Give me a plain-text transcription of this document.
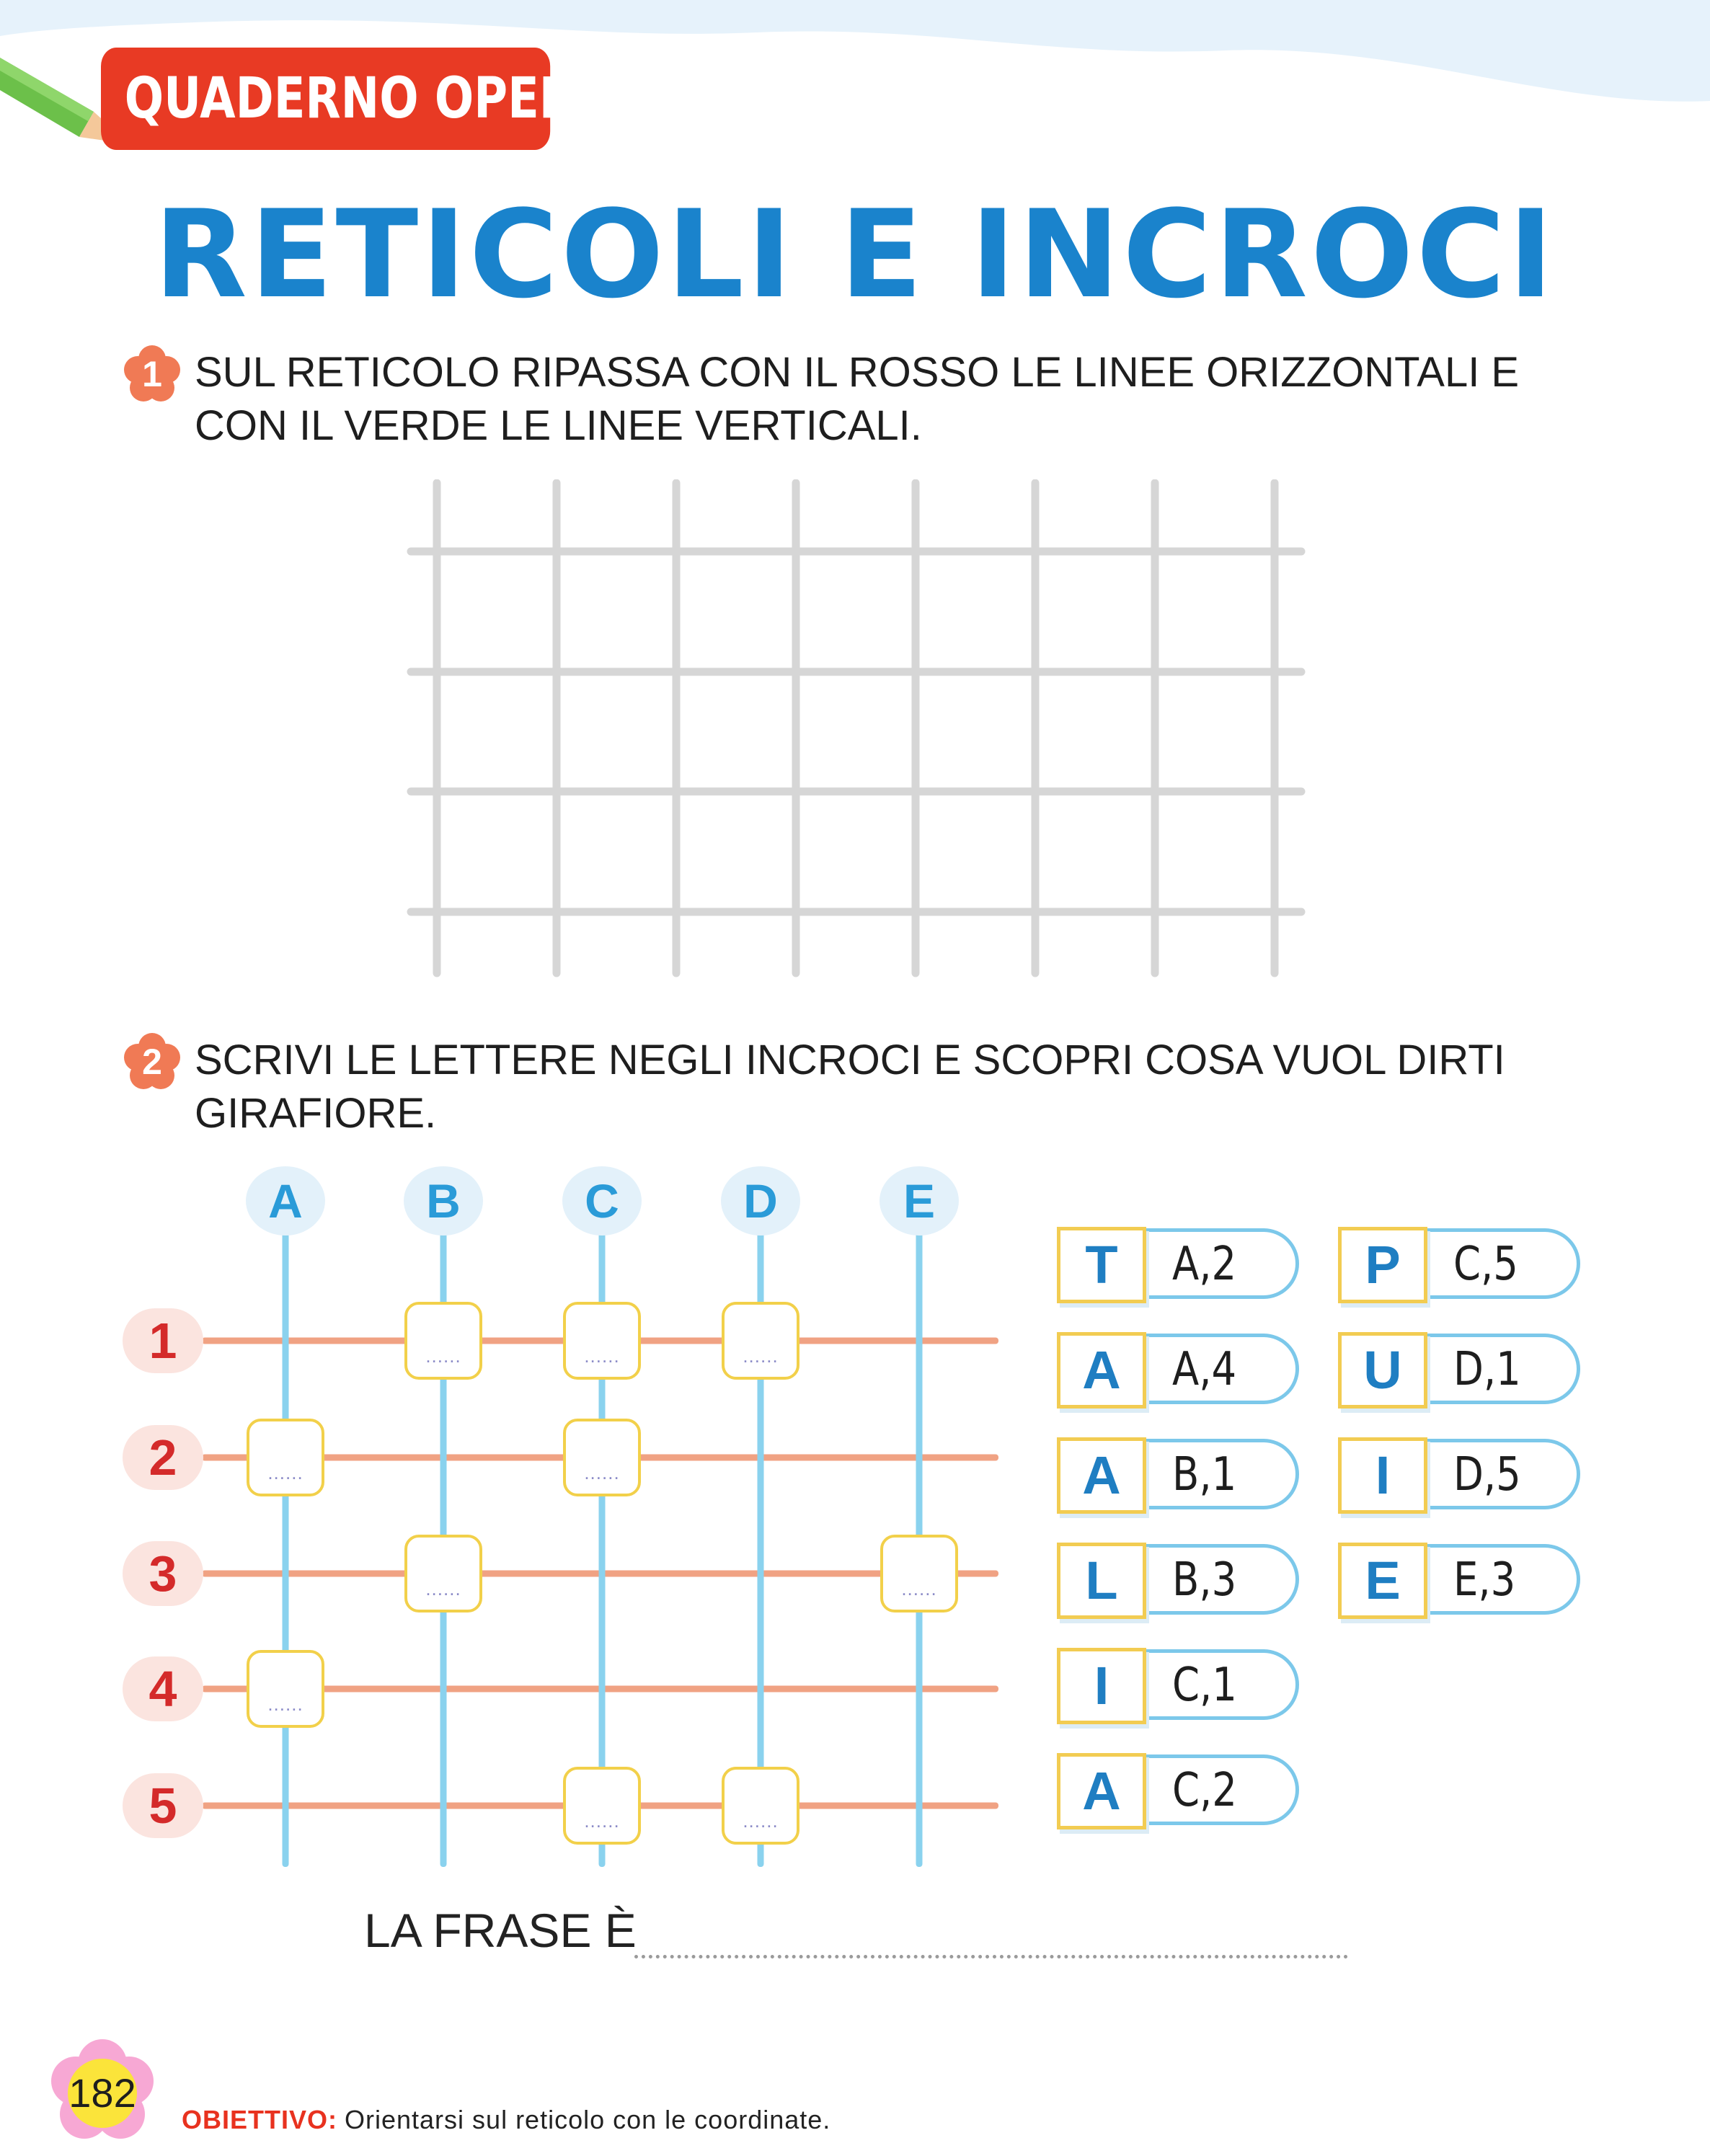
QUADERNO OPERATIVO
RETICOLI E INCROCI
1 SUL RETICOLO RIPASSA CON IL ROSSO LE LINEE ORIZZONTALI E CON IL VERDE LE LINEE VERTICALI.
2 SCRIVI LE LETTERE NEGLI INCROCI E SCOPRI COSA VUOL DIRTI GIRAFIORE.
1
2
3
4
5
A	B	C	D	E
......	......	......
......	......
......	......
......
......	......
A,2
T
A,4
A
B,1
A
B,3
L
C,1
I
C,2
A
C,5
P
D,1
U
D,5
I
E,3
E
LA FRASE È
182
OBIETTIVO: Orientarsi sul reticolo con le coordinate.
